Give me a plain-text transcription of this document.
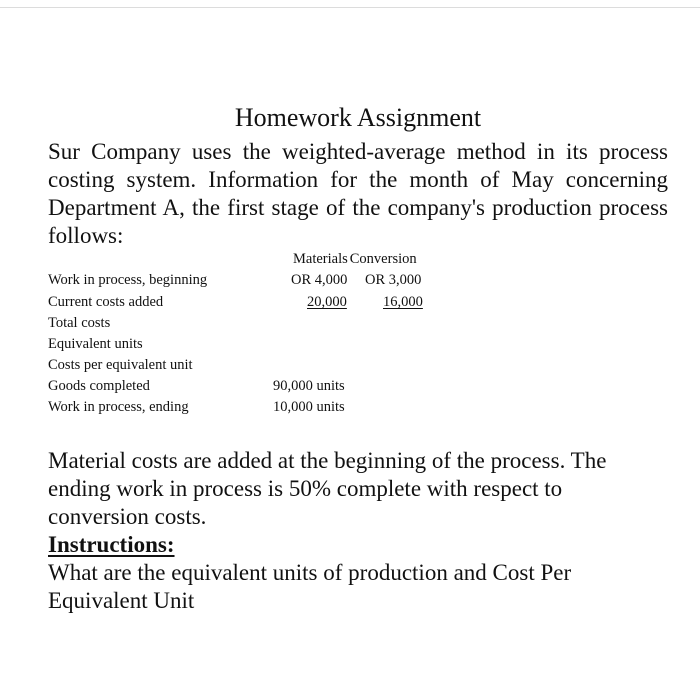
Homework Assignment
Sur Company uses the weighted-average method in its process costing system. Information for the month of May concerning Department A, the first stage of the company's production process follows:
Materials Conversion
Work in process, beginning	OR 4,000 OR 3,000
Current costs added	20,000 16,000
Total costs
Equivalent units
Costs per equivalent unit
Goods completed	90,000 units
Work in process, ending	10,000 units
Material costs are added at the beginning of the process. The ending work in process is 50% complete with respect to conversion costs.
Instructions:
What are the equivalent units of production and Cost Per Equivalent Unit
